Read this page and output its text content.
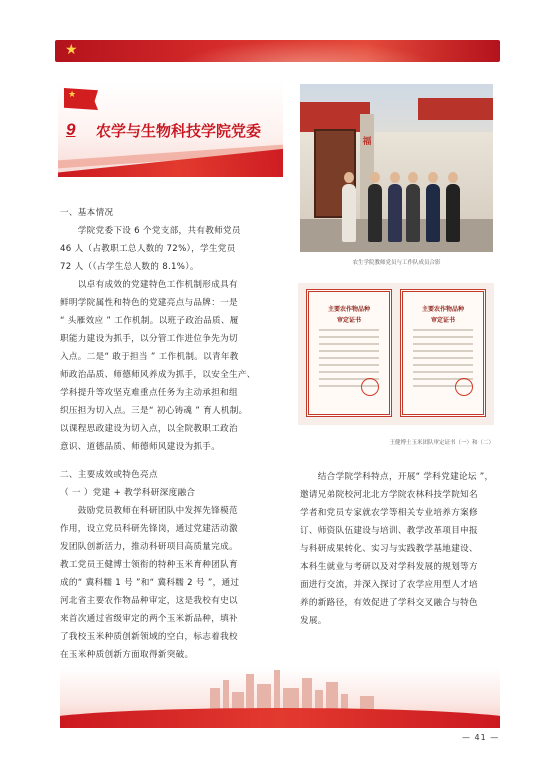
★
★
9 农学与生物科技学院党委
福
农生学院教师党员与工作队成员合影
主要农作物品种
审定证书
主要农作物品种
审定证书
王健博士玉米团队审定证书（一）和（二）
一、基本情况
　　学院党委下设 6 个党支部，共有教师党员
46 人（占教职工总人数的 72%），学生党员
72 人（（占学生总人数的 8.1%）。
　　以卓有成效的党建特色工作机制形成具有
鲜明学院属性和特色的党建亮点与品牌：一是
“ 头雁效应 ” 工作机制。以班子政治品质、履
职能力建设为抓手，以分管工作进位争先为切
入点。二是“ 敢于担当 ” 工作机制。以青年教
师政治品质、师德师风养成为抓手，以安全生产、
学科提升等攻坚克难重点任务为主动承担和组
织压担为切入点。三是“ 初心铸魂 ” 育人机制。
以课程思政建设为切入点，以全院教职工政治
意识、道德品质、师德师风建设为抓手。
二、主要成效或特色亮点
（ 一 ）党建 + 教学科研深度融合
　　鼓励党员教师在科研团队中发挥先锋模范
作用，设立党员科研先锋岗，通过党建活动激
发团队创新活力，推动科研项目高质量完成。
教工党员王健博士领衔的特种玉米育种团队育
成的“ 冀科糯 1 号 ”和“ 冀科糯 2 号 ”，通过
河北省主要农作物品种审定，这是我校有史以
来首次通过省级审定的两个玉米新品种，填补
了我校玉米种质创新领域的空白，标志着我校
在玉米种质创新方面取得新突破。
　　结合学院学科特点，开展“ 学科党建论坛 ”，
邀请兄弟院校河北北方学院农林科技学院知名
学者和党员专家就农学等相关专业培养方案修
订、师资队伍建设与培训、教学改革项目申报
与科研成果转化、实习与实践教学基地建设、
本科生就业与考研以及对学科发展的规划等方
面进行交流，并深入探讨了农学应用型人才培
养的新路径，有效促进了学科交叉融合与特色
发展。
— 41 —
